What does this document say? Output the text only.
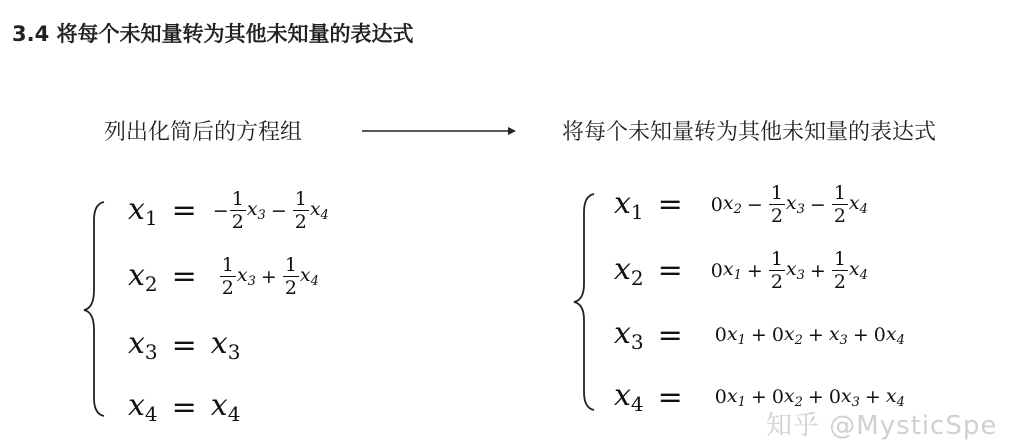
3.4 将每个未知量转为其他未知量的表达式
列出化简后的方程组	将每个未知量转为其他未知量的表达式
$x_1$ = − $\frac{1}{2} x_3 - \frac{1}{2} x_4$
$x_2 = \frac{1}{2} x_3 + \frac{1}{2} x_4$
$x_3 = x_3$
$x_4 = x_4$
$x_1 = 0$ $x_2 - \frac{1}{2} x_3 - \frac{1}{2} x_4$
$x_2 = 0$ $x_1 + \frac{1}{2} x_3 + \frac{1}{2} x_4$
$x_3 = 0$ $x_1 + 0$ $x_2 + x_3 + 0$ $x_4$
$x_4 = 0$ $x_1 + 0$ $x_2 + 0$ $x_3 + x_4$
知乎 @MysticSpe
